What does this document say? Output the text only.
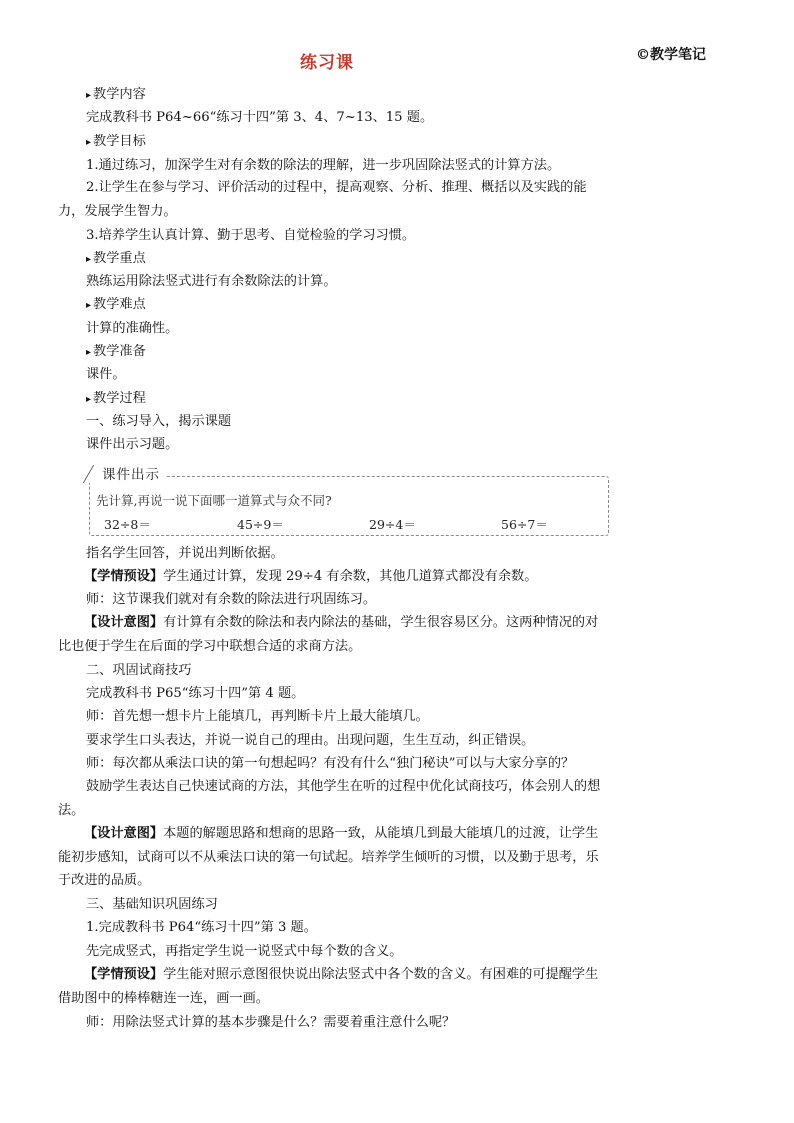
练习课	©教学笔记
▸ 教学内容
完成教科书 P64~66“练习十四”第 3、4、7~13、15 题。
▸ 教学目标
1.通过练习，加深学生对有余数的除法的理解，进一步巩固除法竖式的计算方法。
2.让学生在参与学习、评价活动的过程中，提高观察、分析、推理、概括以及实践的能力，发展学生智力。
3.培养学生认真计算、勤于思考、自觉检验的学习习惯。
▸ 教学重点
熟练运用除法竖式进行有余数除法的计算。
▸ 教学难点
计算的准确性。
▸ 教学准备
课件。
▸ 教学过程
一、练习导入，揭示课题
课件出示习题。
课件出示
先计算,再说一说下面哪一道算式与众不同?
32÷8＝	45÷9＝	29÷4＝	56÷7＝
指名学生回答，并说出判断依据。
【学情预设】学生通过计算，发现 29÷4 有余数，其他几道算式都没有余数。
师：这节课我们就对有余数的除法进行巩固练习。
【设计意图】有计算有余数的除法和表内除法的基础，学生很容易区分。这两种情况的对比也便于学生在后面的学习中联想合适的求商方法。
二、巩固试商技巧
完成教科书 P65“练习十四”第 4 题。
师：首先想一想卡片上能填几，再判断卡片上最大能填几。
要求学生口头表达，并说一说自己的理由。出现问题，生生互动，纠正错误。
师：每次都从乘法口诀的第一句想起吗？有没有什么“独门秘诀”可以与大家分享的？
鼓励学生表达自己快速试商的方法，其他学生在听的过程中优化试商技巧，体会别人的想法。
【设计意图】本题的解题思路和想商的思路一致，从能填几到最大能填几的过渡，让学生能初步感知，试商可以不从乘法口诀的第一句试起。培养学生倾听的习惯，以及勤于思考，乐于改进的品质。
三、基础知识巩固练习
1.完成教科书 P64“练习十四”第 3 题。
先完成竖式，再指定学生说一说竖式中每个数的含义。
【学情预设】学生能对照示意图很快说出除法竖式中各个数的含义。有困难的可提醒学生借助图中的棒棒糖连一连，画一画。
师：用除法竖式计算的基本步骤是什么？需要着重注意什么呢？
